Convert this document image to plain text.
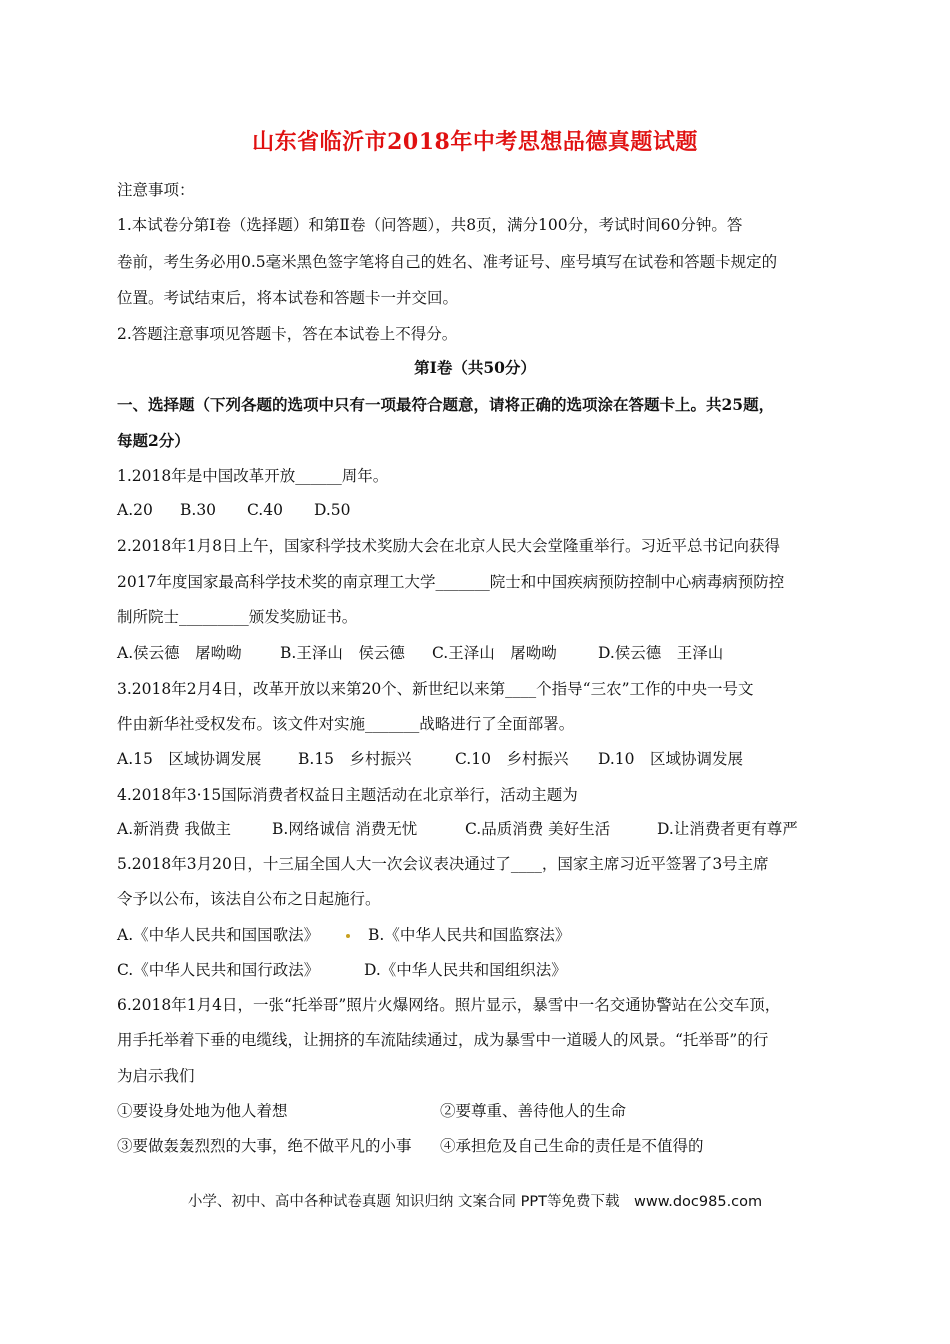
山东省临沂市2018年中考思想品德真题试题
注意事项：
1.本试卷分第Ⅰ卷（选择题）和第Ⅱ卷（问答题），共8页，满分100分，考试时间60分钟。答
卷前，考生务必用0.5毫米黑色签字笔将自己的姓名、准考证号、座号填写在试卷和答题卡规定的
位置。考试结束后，将本试卷和答题卡一并交回。
2.答题注意事项见答题卡，答在本试卷上不得分。
第Ⅰ卷（共50分）
一、选择题（下列各题的选项中只有一项最符合题意，请将正确的选项涂在答题卡上。共25题，
每题2分）
1.2018年是中国改革开放______周年。
A.20 B.30 C.40 D.50
2.2018年1月8日上午，国家科学技术奖励大会在北京人民大会堂隆重举行。习近平总书记向获得
2017年度国家最高科学技术奖的南京理工大学_______院士和中国疾病预防控制中心病毒病预防控
制所院士_________颁发奖励证书。
A.侯云德　屠呦呦 B.王泽山　侯云德 C.王泽山　屠呦呦	D.侯云德　王泽山
3.2018年2月4日，改革开放以来第20个、新世纪以来第____个指导“三农”工作的中央一号文
件由新华社受权发布。该文件对实施_______战略进行了全面部署。
A.15　区域协调发展 B.15　乡村振兴	C.10　乡村振兴 D.10　区域协调发展
4.2018年3·15国际消费者权益日主题活动在北京举行，活动主题为
A.新消费 我做主	B.网络诚信 消费无忧	C.品质消费 美好生活	D.让消费者更有尊严
5.2018年3月20日，十三届全国人大一次会议表决通过了____，国家主席习近平签署了3号主席
令予以公布，该法自公布之日起施行。
A.《中华人民共和国国歌法》	B.《中华人民共和国监察法》
C.《中华人民共和国行政法》	D.《中华人民共和国组织法》
6.2018年1月4日，一张“托举哥”照片火爆网络。照片显示，暴雪中一名交通协警站在公交车顶，
用手托举着下垂的电缆线，让拥挤的车流陆续通过，成为暴雪中一道暖人的风景。“托举哥”的行
为启示我们
①要设身处地为他人着想	②要尊重、善待他人的生命
③要做轰轰烈烈的大事，绝不做平凡的小事 ④承担危及自己生命的责任是不值得的
小学、初中、高中各种试卷真题 知识归纳 文案合同 PPT等免费下载　www.doc985.com
